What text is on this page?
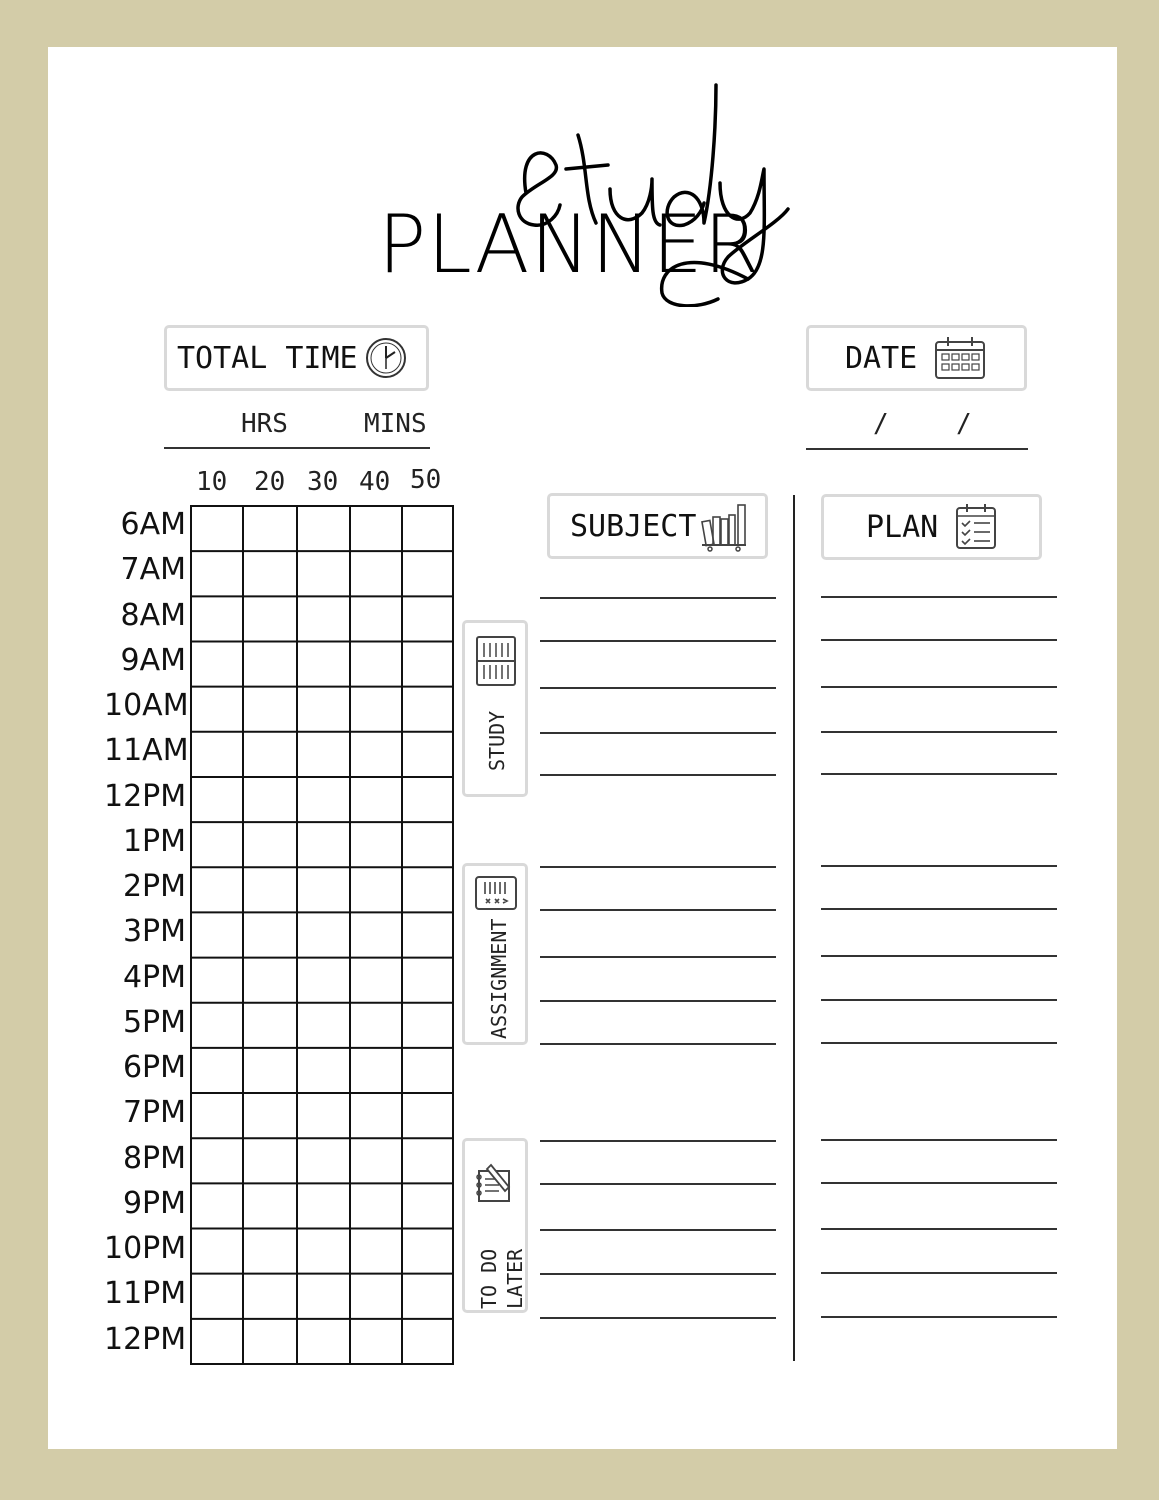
PLANNER
TOTAL TIME
HRS	MINS
DATE
/	/
10 20 30 40 50
6AM
7AM
8AM
9AM
10AM
11AM
12PM
1PM
2PM
3PM
4PM
5PM
6PM
7PM
8PM
9PM
10PM
11PM
12PM
STUDY
ASSIGNMENT
TO DO LATER
SUBJECT	PLAN
